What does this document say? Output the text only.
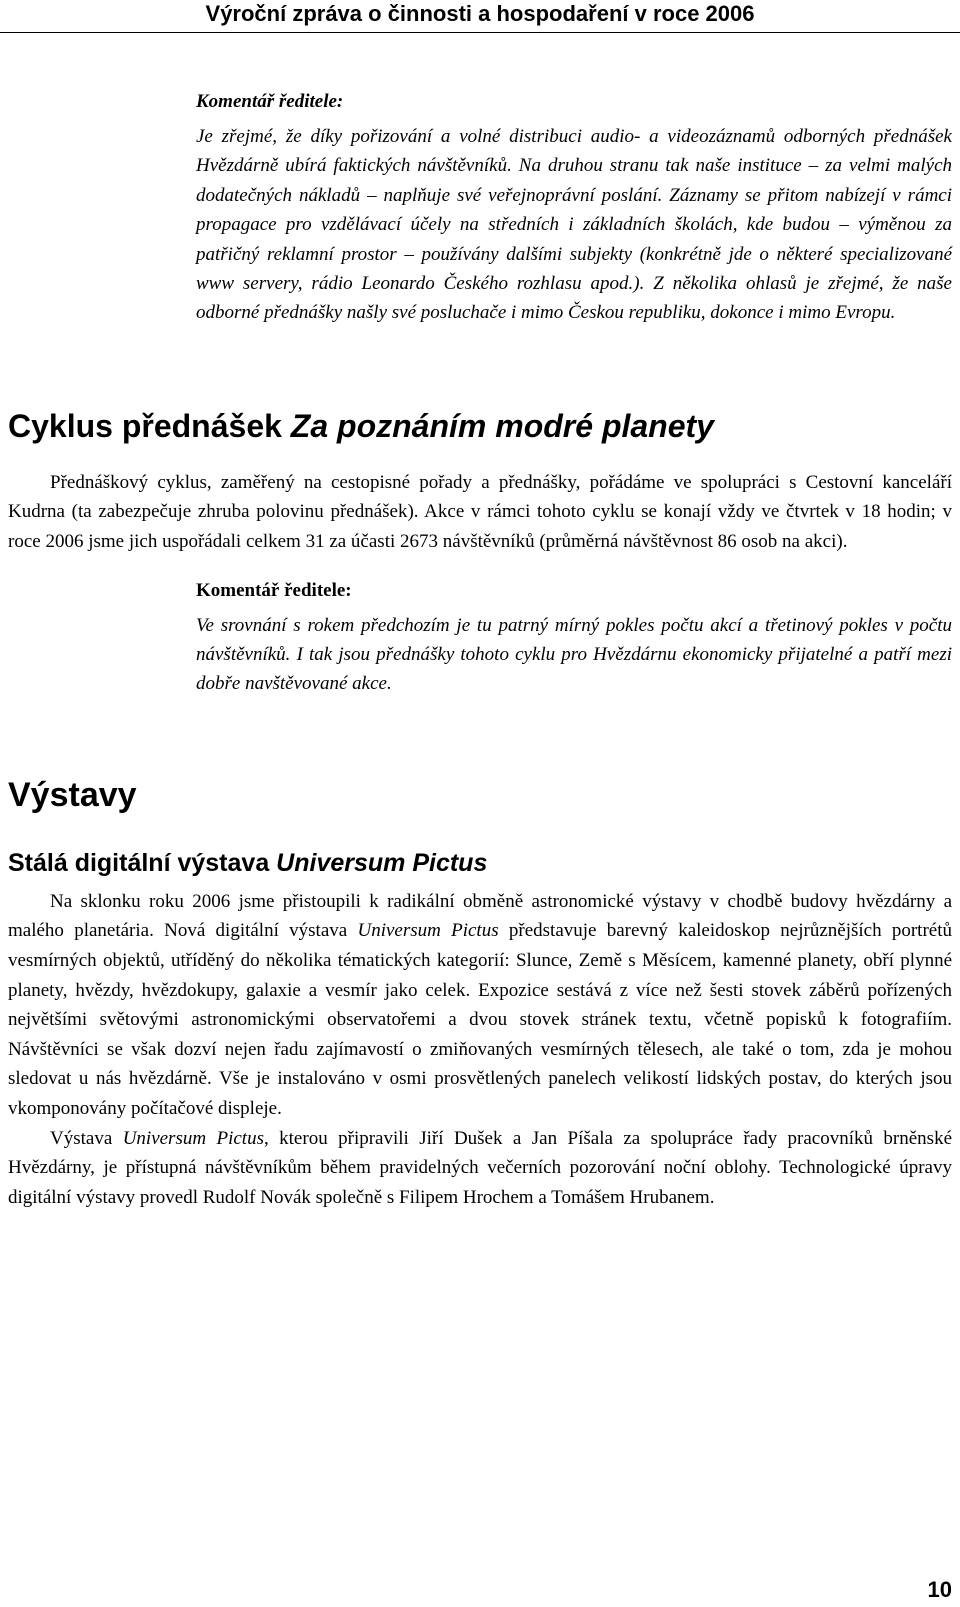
Výroční zpráva o činnosti a hospodaření v roce 2006

Komentář ředitele:

Je zřejmé, že díky pořizování a volné distribuci audio- a videozáznamů odborných přednášek Hvězdárně ubírá faktických návštěvníků. Na druhou stranu tak naše instituce – za velmi malých dodatečných nákladů – naplňuje své veřejnoprávní poslání. Záznamy se přitom nabízejí v rámci propagace pro vzdělávací účely na středních i základních školách, kde budou – výměnou za patřičný reklamní prostor – používány dalšími subjekty (konkrétně jde o některé specializované www servery, rádio Leonardo Českého rozhlasu apod.). Z několika ohlasů je zřejmé, že naše odborné přednášky našly své posluchače i mimo Českou republiku, dokonce i mimo Evropu.

Cyklus přednášek Za poznáním modré planety

Přednáškový cyklus, zaměřený na cestopisné pořady a přednášky, pořádáme ve spolupráci s Cestovní kanceláří Kudrna (ta zabezpečuje zhruba polovinu přednášek). Akce v rámci tohoto cyklu se konají vždy ve čtvrtek v 18 hodin; v roce 2006 jsme jich uspořádali celkem 31 za účasti 2673 návštěvníků (průměrná návštěvnost 86 osob na akci).

Komentář ředitele:

Ve srovnání s rokem předchozím je tu patrný mírný pokles počtu akcí a třetinový pokles v počtu návštěvníků. I tak jsou přednášky tohoto cyklu pro Hvězdárnu ekonomicky přijatelné a patří mezi dobře navštěvované akce.

Výstavy
Stálá digitální výstava Universum Pictus

Na sklonku roku 2006 jsme přistoupili k radikální obměně astronomické výstavy v chodbě budovy hvězdárny a malého planetária. Nová digitální výstava Universum Pictus představuje barevný kaleidoskop nejrůznějších portrétů vesmírných objektů, utříděný do několika tématických kategorií: Slunce, Země s Měsícem, kamenné planety, obří plynné planety, hvězdy, hvězdokupy, galaxie a vesmír jako celek. Expozice sestává z více než šesti stovek záběrů pořízených největšími světovými astronomickými observatořemi a dvou stovek stránek textu, včetně popisků k fotografiím. Návštěvníci se však dozví nejen řadu zajímavostí o zmiňovaných vesmírných tělesech, ale také o tom, zda je mohou sledovat u nás hvězdárně. Vše je instalováno v osmi prosvětlených panelech velikostí lidských postav, do kterých jsou vkomponovány počítačové displeje.

Výstava Universum Pictus, kterou připravili Jiří Dušek a Jan Píšala za spolupráce řady pracovníků brněnské Hvězdárny, je přístupná návštěvníkům během pravidelných večerních pozorování noční oblohy. Technologické úpravy digitální výstavy provedl Rudolf Novák společně s Filipem Hrochem a Tomášem Hrubanem.

10
